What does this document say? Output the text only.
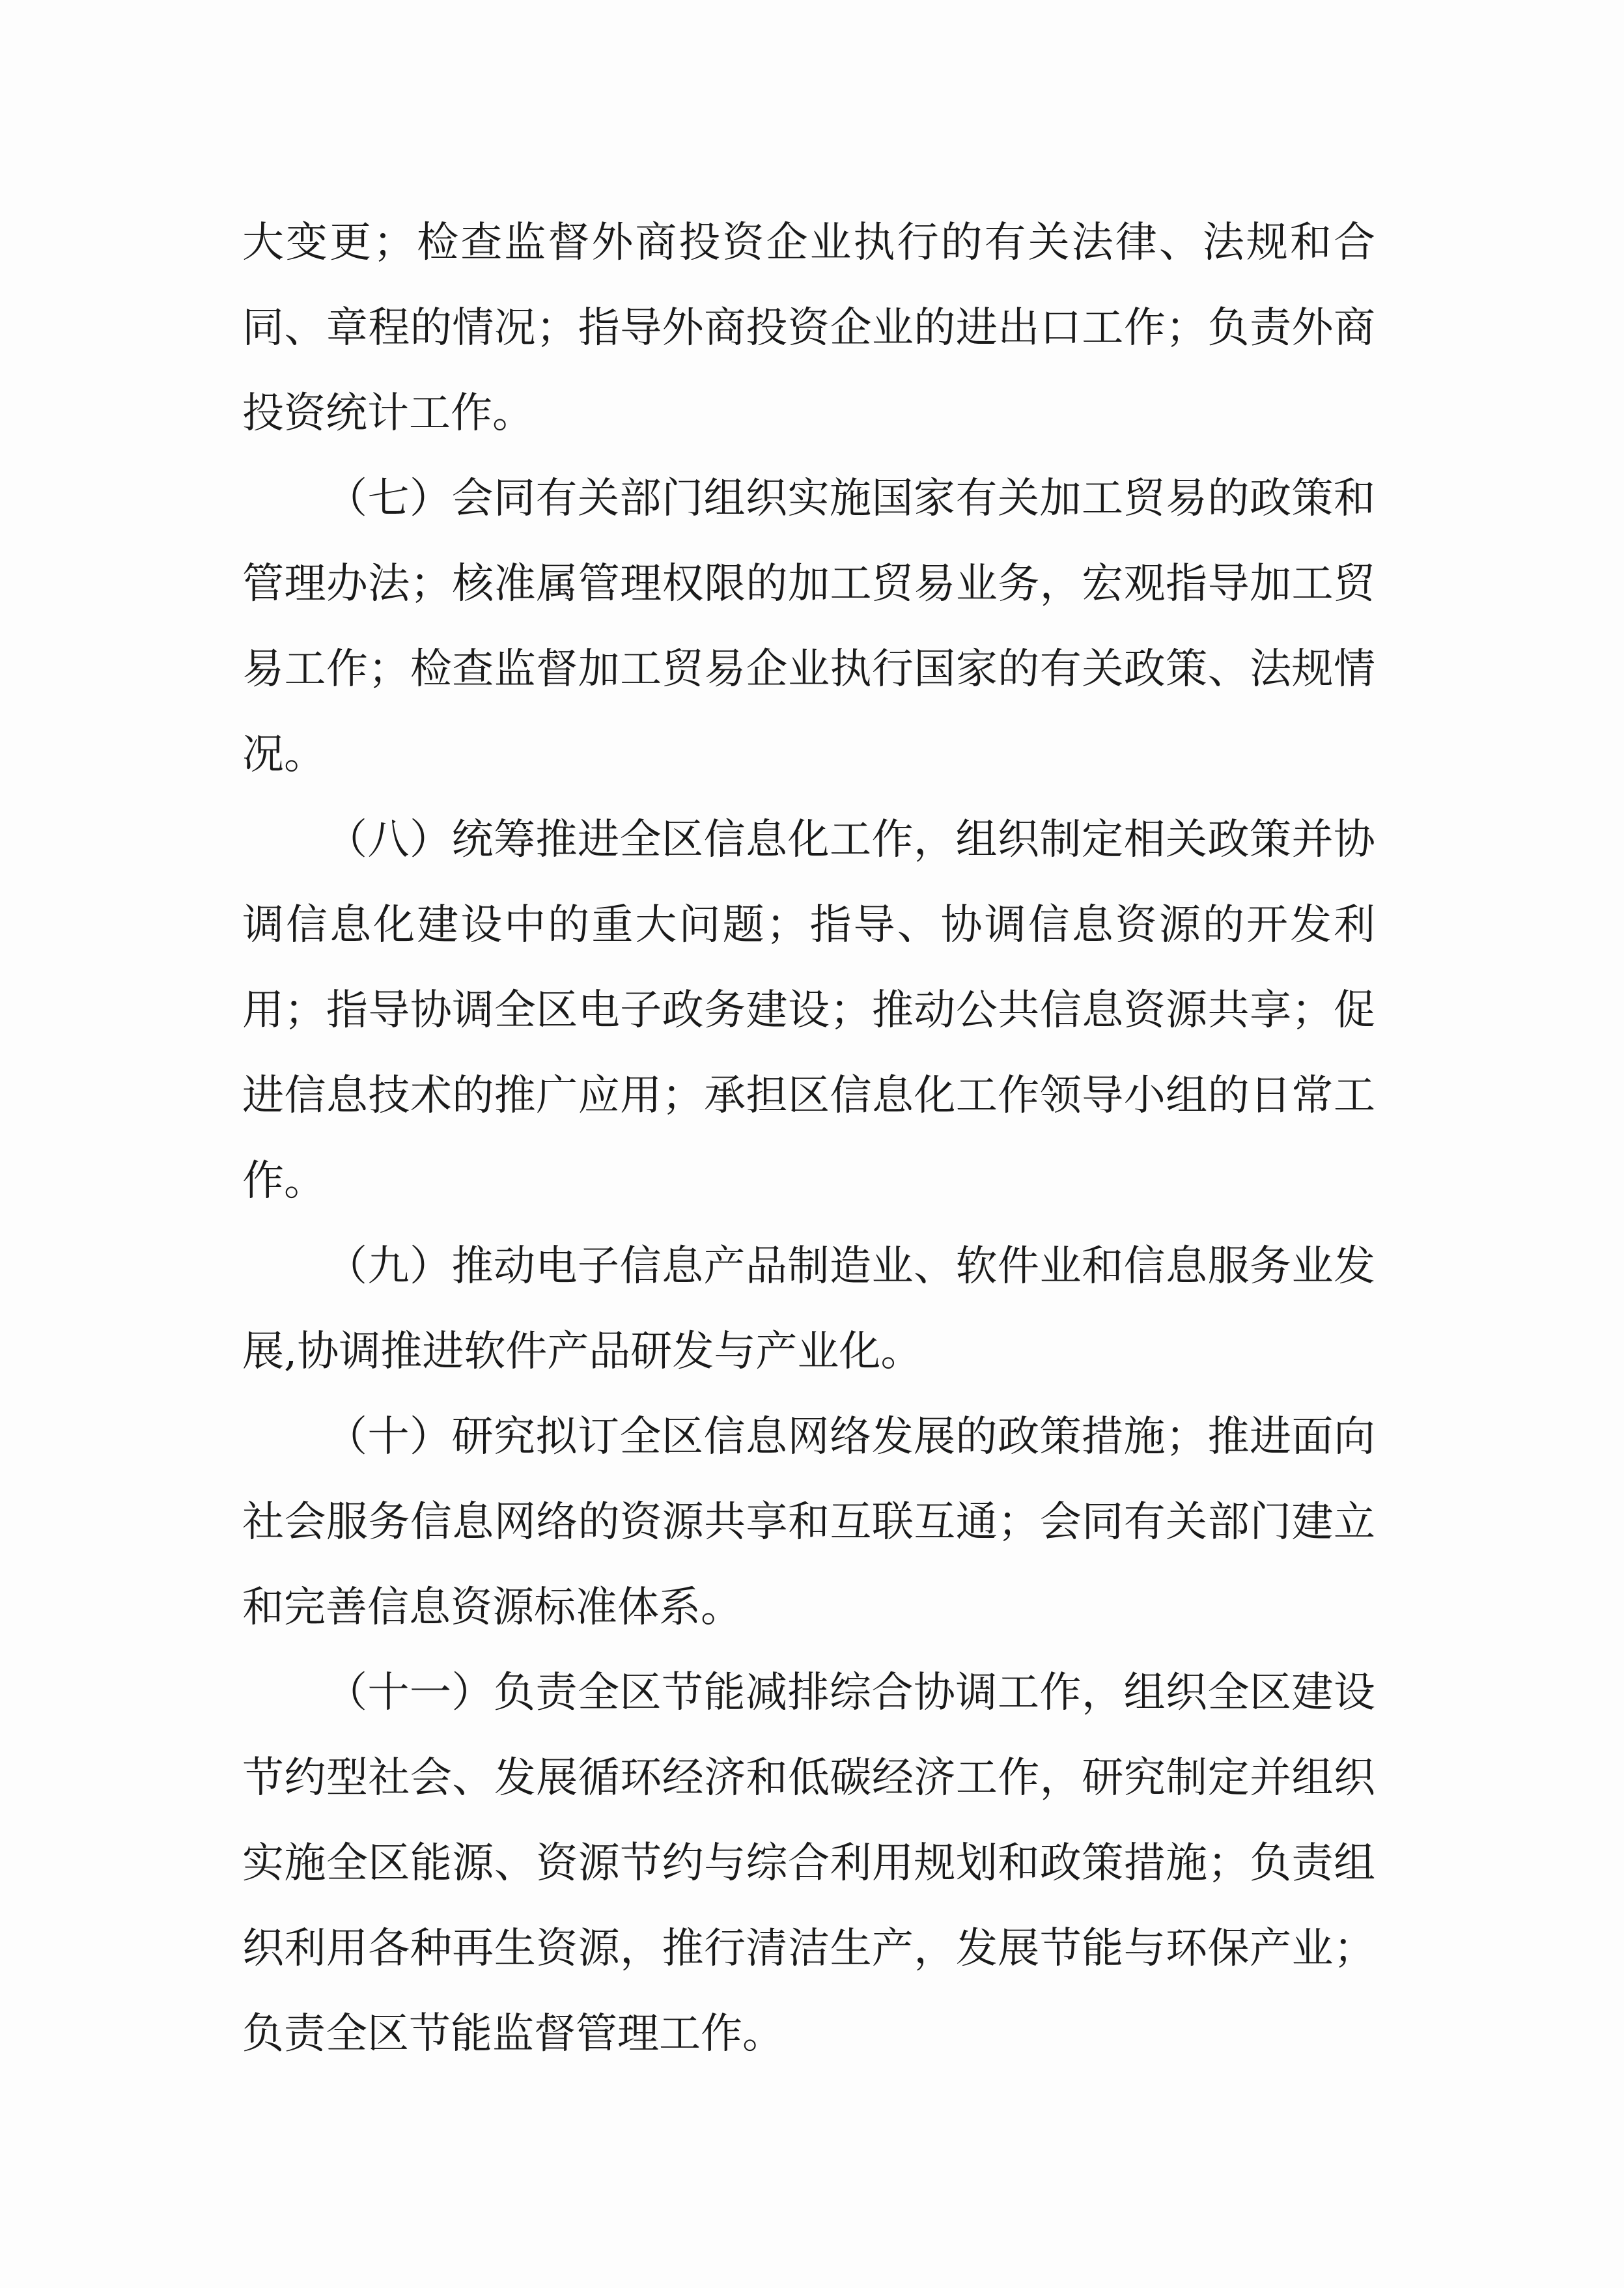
大变更；检查监督外商投资企业执行的有关法律、法规和合同、章程的情况；指导外商投资企业的进出口工作；负责外商投资统计工作。

（七）会同有关部门组织实施国家有关加工贸易的政策和管理办法；核准属管理权限的加工贸易业务，宏观指导加工贸易工作；检查监督加工贸易企业执行国家的有关政策、法规情况。

（八）统筹推进全区信息化工作，组织制定相关政策并协调信息化建设中的重大问题；指导、协调信息资源的开发利用；指导协调全区电子政务建设；推动公共信息资源共享；促进信息技术的推广应用；承担区信息化工作领导小组的日常工作。

（九）推动电子信息产品制造业、软件业和信息服务业发展,协调推进软件产品研发与产业化。

（十）研究拟订全区信息网络发展的政策措施；推进面向社会服务信息网络的资源共享和互联互通；会同有关部门建立和完善信息资源标准体系。

（十一）负责全区节能减排综合协调工作，组织全区建设节约型社会、发展循环经济和低碳经济工作，研究制定并组织实施全区能源、资源节约与综合利用规划和政策措施；负责组织利用各种再生资源，推行清洁生产，发展节能与环保产业；负责全区节能监督管理工作。
